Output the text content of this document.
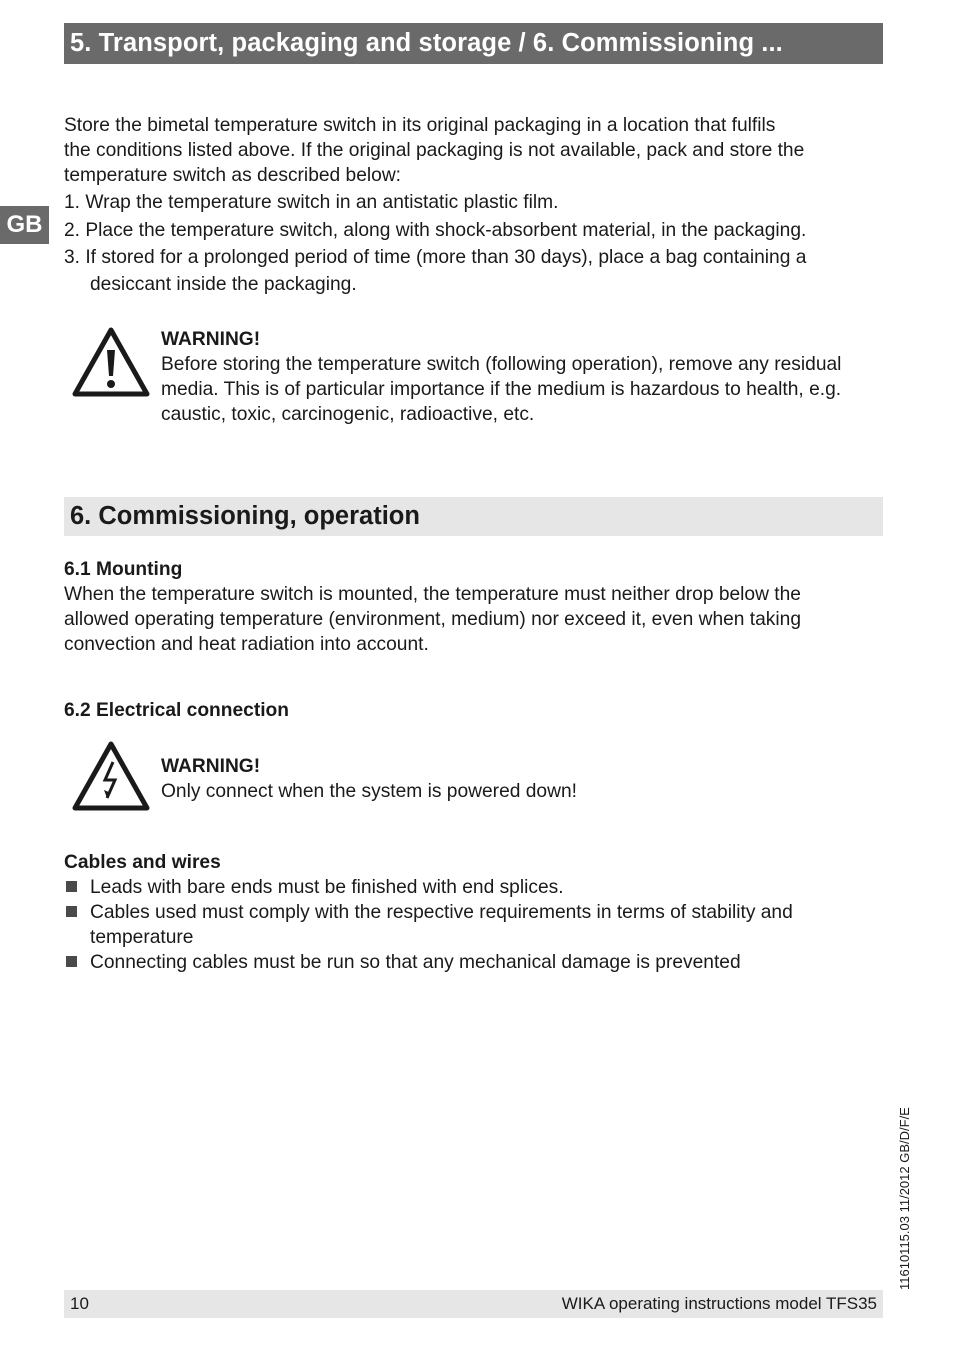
5. Transport, packaging and storage / 6. Commissioning ...
GB

Store the bimetal temperature switch in its original packaging in a location that fulfils

the conditions listed above. If the original packaging is not available, pack and store the

temperature switch as described below:

1. Wrap the temperature switch in an antistatic plastic film.

2. Place the temperature switch, along with shock-absorbent material, in the packaging.

3. If stored for a prolonged period of time (more than 30 days), place a bag containing a

desiccant inside the packaging.

WARNING!
Before storing the temperature switch (following operation), remove any residual
media. This is of particular importance if the medium is hazardous to health, e.g.
caustic, toxic, carcinogenic, radioactive, etc.
6. Commissioning, operation

6.1 Mounting

When the temperature switch is mounted, the temperature must neither drop below the

allowed operating temperature (environment, medium) nor exceed it, even when taking

convection and heat radiation into account.

6.2 Electrical connection

WARNING!
Only connect when the system is powered down!

Cables and wires

Leads with bare ends must be finished with end splices.

Cables used must comply with the respective requirements in terms of stability and

temperature

Connecting cables must be run so that any mechanical damage is prevented

11610115.03 11/2012 GB/D/F/E
10	WIKA operating instructions model TFS35
